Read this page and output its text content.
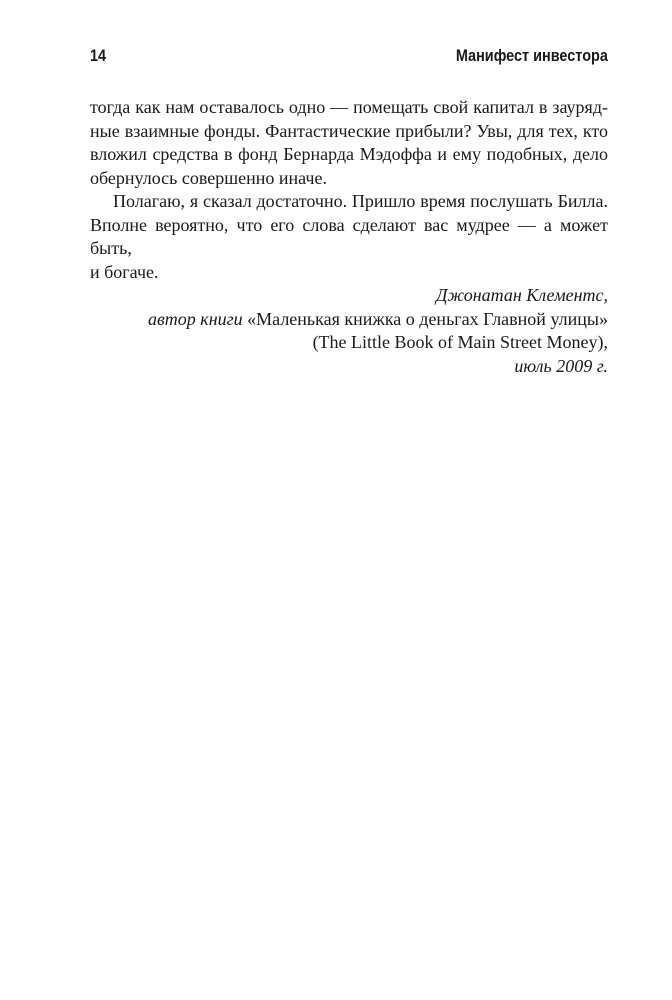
14	Манифест инвестора

тогда как нам оставалось одно — помещать свой капитал в зауряд-
ные взаимные фонды. Фантастические прибыли? Увы, для тех, кто
вложил средства в фонд Бернарда Мэдоффа и ему подобных, дело
обернулось совершенно иначе.

Полагаю, я сказал достаточно. Пришло время послушать Билла.
Вполне вероятно, что его слова сделают вас мудрее — а может быть,
и богаче.

Джонатан Клементс,
автор книги «Маленькая книжка о деньгах Главной улицы»
(The Little Book of Main Street Money),
июль 2009 г.
